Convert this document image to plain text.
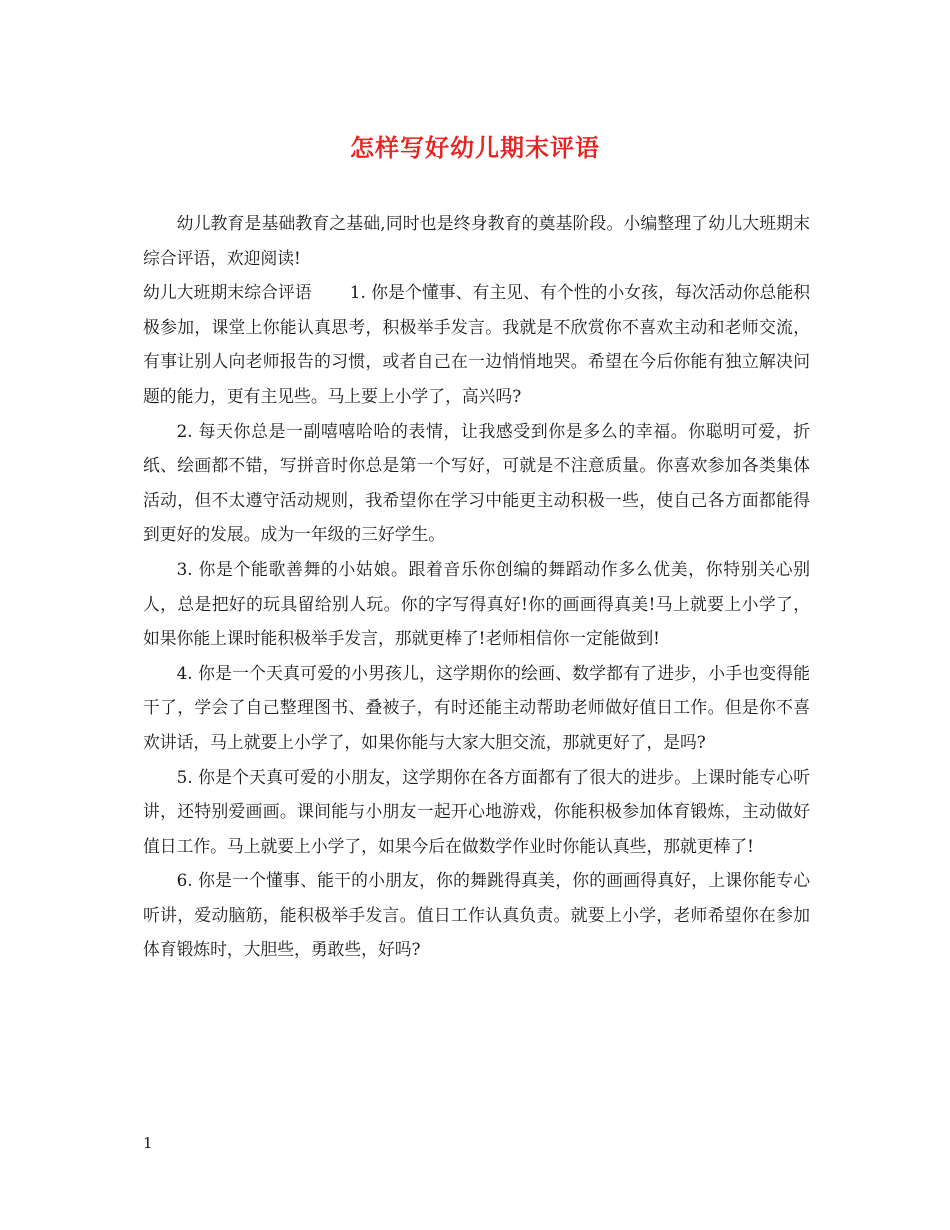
怎样写好幼儿期末评语

幼儿教育是基础教育之基础,同时也是终身教育的奠基阶段。小编整理了幼儿大班期末综合评语，欢迎阅读!

幼儿大班期末综合评语 1. 你是个懂事、有主见、有个性的小女孩，每次活动你总能积极参加，课堂上你能认真思考，积极举手发言。我就是不欣赏你不喜欢主动和老师交流，有事让别人向老师报告的习惯，或者自己在一边悄悄地哭。希望在今后你能有独立解决问题的能力，更有主见些。马上要上小学了，高兴吗?

2. 每天你总是一副嘻嘻哈哈的表情，让我感受到你是多么的幸福。你聪明可爱，折纸、绘画都不错，写拼音时你总是第一个写好，可就是不注意质量。你喜欢参加各类集体活动，但不太遵守活动规则，我希望你在学习中能更主动积极一些，使自己各方面都能得到更好的发展。成为一年级的三好学生。

3. 你是个能歌善舞的小姑娘。跟着音乐你创编的舞蹈动作多么优美，你特别关心别人，总是把好的玩具留给别人玩。你的字写得真好!你的画画得真美!马上就要上小学了，如果你能上课时能积极举手发言，那就更棒了!老师相信你一定能做到!

4. 你是一个天真可爱的小男孩儿，这学期你的绘画、数学都有了进步，小手也变得能干了，学会了自己整理图书、叠被子，有时还能主动帮助老师做好值日工作。但是你不喜欢讲话，马上就要上小学了，如果你能与大家大胆交流，那就更好了，是吗?

5. 你是个天真可爱的小朋友，这学期你在各方面都有了很大的进步。上课时能专心听讲，还特别爱画画。课间能与小朋友一起开心地游戏，你能积极参加体育锻炼，主动做好值日工作。马上就要上小学了，如果今后在做数学作业时你能认真些，那就更棒了!

6. 你是一个懂事、能干的小朋友，你的舞跳得真美，你的画画得真好，上课你能专心听讲，爱动脑筋，能积极举手发言。值日工作认真负责。就要上小学，老师希望你在参加体育锻炼时，大胆些，勇敢些，好吗?

1
